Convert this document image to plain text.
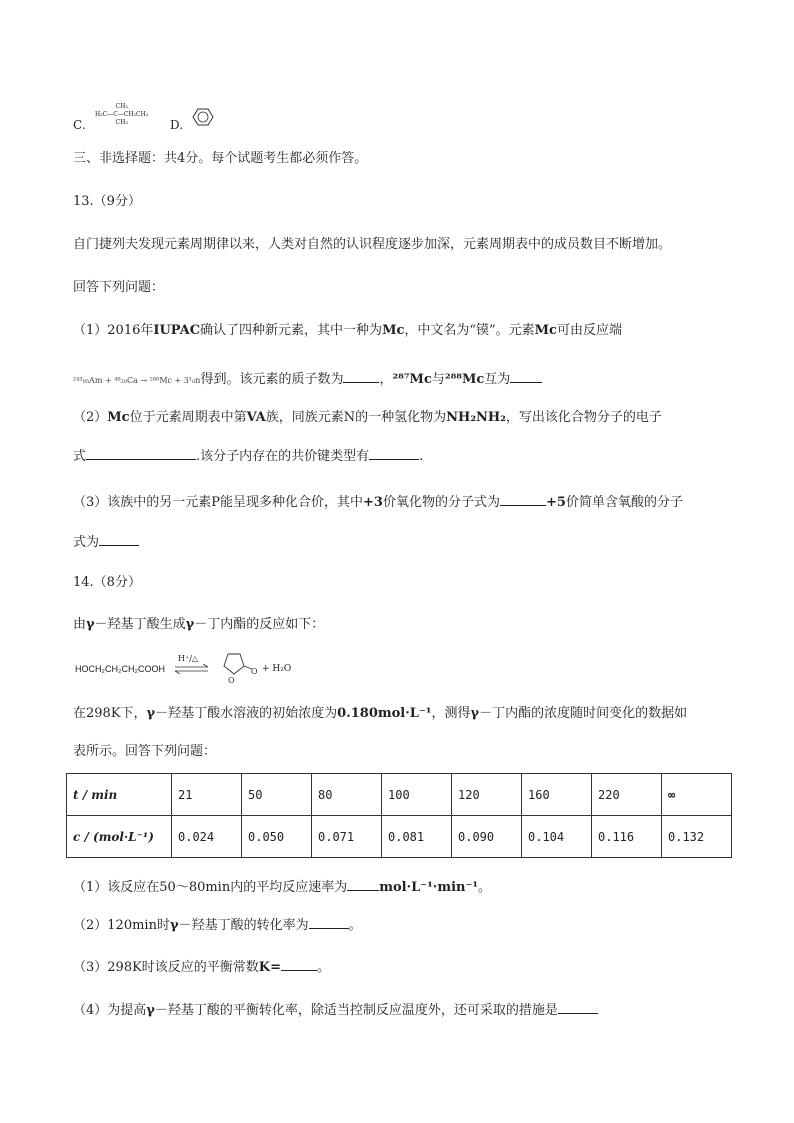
C.
CH₃
H₃C—C—CH₂CH₃
CH₃	D.
三、非选择题：共4分。每个试题考生都必须作答。
13.（9分）
自门捷列夫发现元素周期律以来，人类对自然的认识程度逐步加深，元素周期表中的成员数目不断增加。
回答下列问题：
（1）2016年IUPAC确认了四种新元素，其中一种为Mc，中文名为“镆”。元素Mc可由反应端
²⁴³₉₅Am + ⁴⁸₂₀Ca → ²⁸⁸Mc + 3¹₀n得到。该元素的质子数为	，²⁸⁷Mc与²⁸⁸Mc互为
（2）Mc位于元素周期表中第VA族，同族元素N的一种氢化物为NH₂NH₂，写出该化合物分子的电子
式	.该分子内存在的共价键类型有	.
（3）该族中的另一元素P能呈现多种化合价，其中+3价氧化物的分子式为	+5价简单含氧酸的分子
式为
14.（8分）
由γ－羟基丁酸生成γ－丁内酯的反应如下：
HOCH₂CH₂CH₂COOH
H⁺/△
O
O + H₂O
在298K下，γ－羟基丁酸水溶液的初始浓度为0.180mol·L⁻¹，测得γ－丁内酯的浓度随时间变化的数据如
表所示。回答下列问题：
t / min	21	50	80	100	120	160	220	∞
c / (mol·L⁻¹)	0.024	0.050	0.071	0.081	0.090	0.104	0.116	0.132
（1）该反应在50～80min内的平均反应速率为 mol·L⁻¹·min⁻¹。
（2）120min时γ－羟基丁酸的转化率为	。
（3）298K时该反应的平衡常数K=	。
（4）为提高γ－羟基丁酸的平衡转化率，除适当控制反应温度外，还可采取的措施是
